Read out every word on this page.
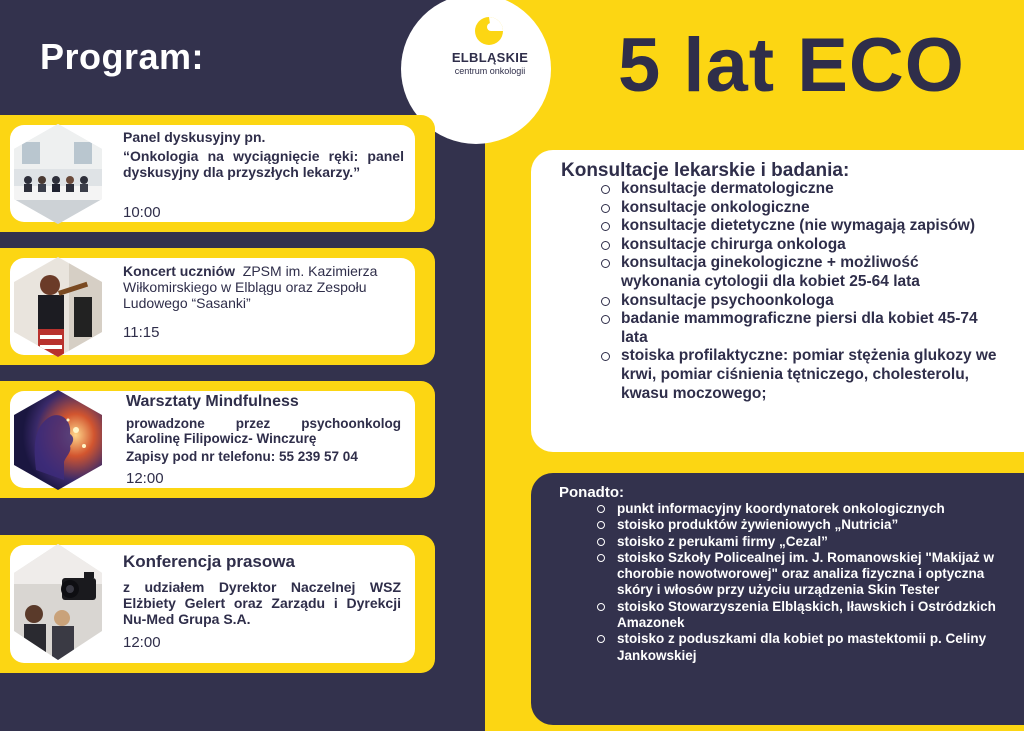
ELBLĄSKIE
centrum onkologii
Program:	5 lat ECO

Panel dyskusyjny pn.

“Onkologia na wyciągnięcie ręki: panel dyskusyjny dla przyszłych lekarzy.”

10:00

Koncert uczniów ZPSM im. Kazimierza Wiłkomirskiego w Elblągu oraz Zespołu Ludowego “Sasanki”

11:15

Warsztaty Mindfulness

prowadzone przez psychoonkolog Karolinę Filipowicz- Winczurę

Zapisy pod nr telefonu: 55 239 57 04

12:00

Konferencja prasowa

z udziałem Dyrektor Naczelnej WSZ Elżbiety Gelert oraz Zarządu i Dyrekcji Nu-Med Grupa S.A.

12:00

Konsultacje lekarskie i badania:
konsultacje dermatologiczne
konsultacje onkologiczne
konsultacje dietetyczne (nie wymagają zapisów)
konsultacje chirurga onkologa
konsultacja ginekologiczne + możliwość wykonania cytologii dla kobiet 25-64 lata
konsultacje psychoonkologa
badanie mammograficzne piersi dla kobiet 45-74 lata
stoiska profilaktyczne: pomiar stężenia glukozy we krwi, pomiar ciśnienia tętniczego, cholesterolu, kwasu moczowego;
Ponadto:
punkt informacyjny koordynatorek onkologicznych
stoisko produktów żywieniowych „Nutricia”
stoisko z perukami firmy „Cezal”
stoisko Szkoły Policealnej im. J. Romanowskiej "Makijaż w chorobie nowotworowej" oraz analiza fizyczna i optyczna skóry i włosów przy użyciu urządzenia Skin Tester
stoisko Stowarzyszenia Elbląskich, Iławskich i Ostródzkich Amazonek
stoisko z poduszkami dla kobiet po mastektomii p. Celiny Jankowskiej
